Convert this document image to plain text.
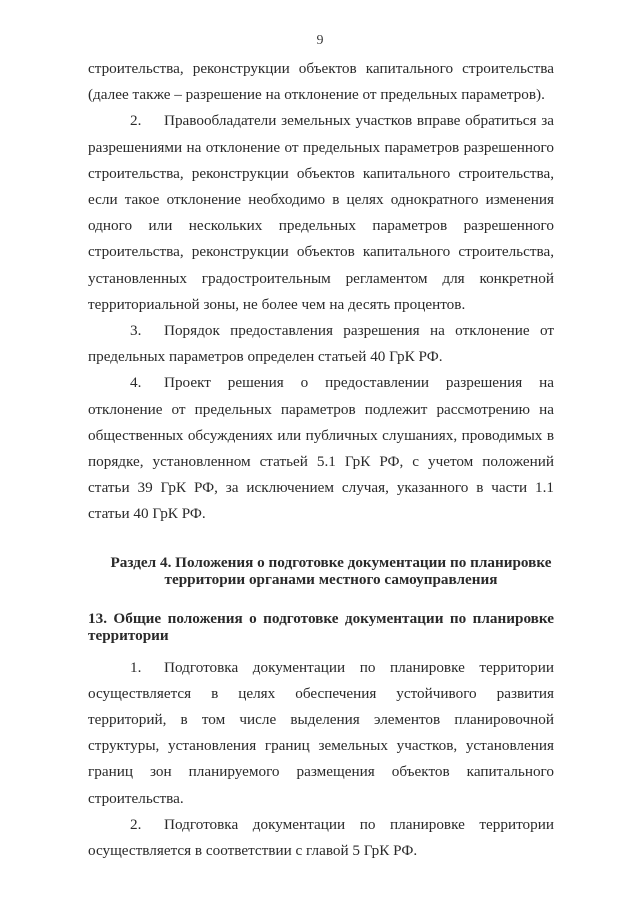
9

строительства, реконструкции объектов капитального строительства (далее также – разрешение на отклонение от предельных параметров).

2. Правообладатели земельных участков вправе обратиться за разрешениями на отклонение от предельных параметров разрешенного строительства, реконструкции объектов капитального строительства, если такое отклонение необходимо в целях однократного изменения одного или нескольких предельных параметров разрешенного строительства, реконструкции объектов капитального строительства, установленных градостроительным регламентом для конкретной территориальной зоны, не более чем на десять процентов.

3. Порядок предоставления разрешения на отклонение от предельных параметров определен статьей 40 ГрК РФ.

4. Проект решения о предоставлении разрешения на отклонение от предельных параметров подлежит рассмотрению на общественных обсуждениях или публичных слушаниях, проводимых в порядке, установленном статьей 5.1 ГрК РФ, с учетом положений статьи 39 ГрК РФ, за исключением случая, указанного в части 1.1 статьи 40 ГрК РФ.

Раздел 4. Положения о подготовке документации по планировке территории органами местного самоуправления
13. Общие положения о подготовке документации по планировке территории

1. Подготовка документации по планировке территории осуществляется в целях обеспечения устойчивого развития территорий, в том числе выделения элементов планировочной структуры, установления границ земельных участков, установления границ зон планируемого размещения объектов капитального строительства.

2. Подготовка документации по планировке территории осуществляется в соответствии с главой 5 ГрК РФ.
